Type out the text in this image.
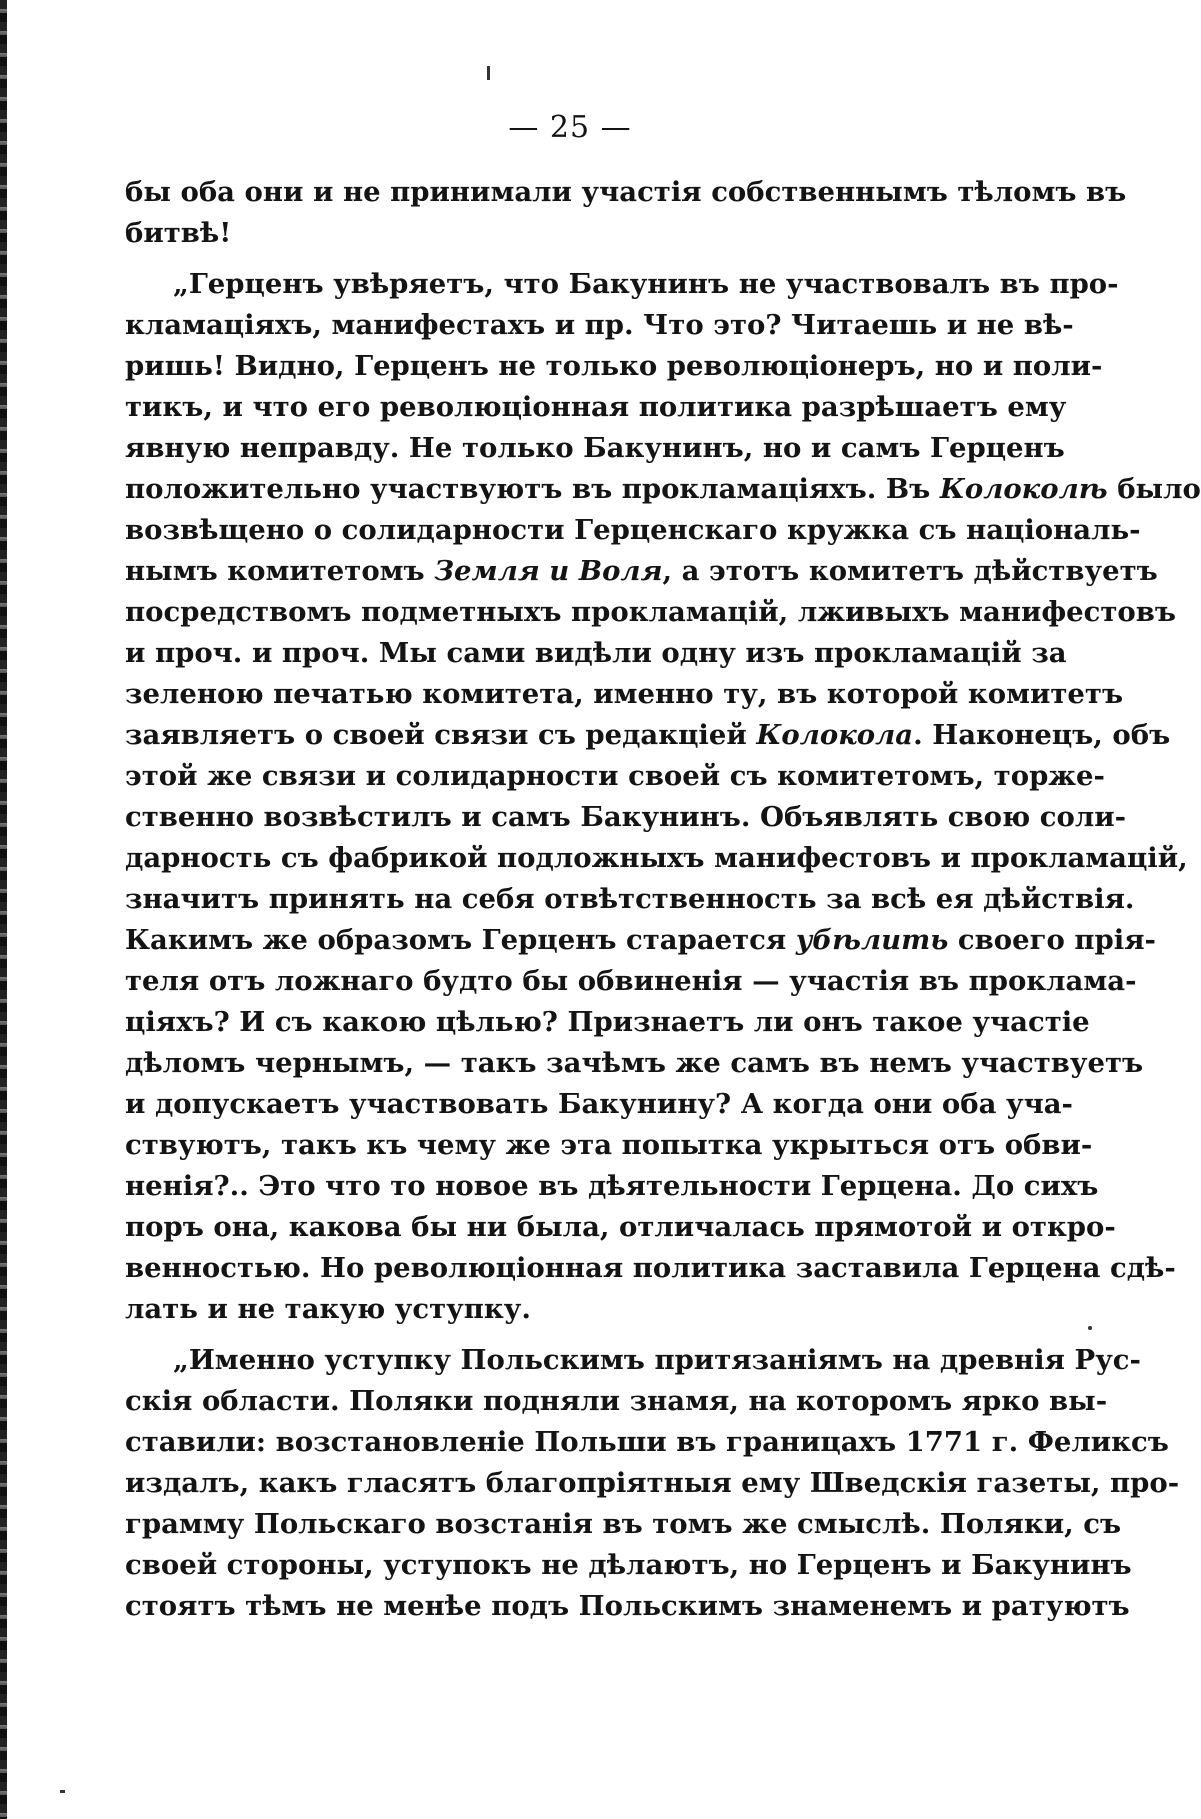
— 25 —
бы оба они и не принимали участія собственнымъ тѣломъ въ
битвѣ!
„Герценъ увѣряетъ, что Бакунинъ не участвовалъ въ про-
кламаціяхъ, манифестахъ и пр. Что это? Читаешь и не вѣ-
ришь! Видно, Герценъ не только революціонеръ, но и поли-
тикъ, и что его революціонная политика разрѣшаетъ ему
явную неправду. Не только Бакунинъ, но и самъ Герценъ
положительно участвуютъ въ прокламаціяхъ. Въ Колоколѣ было
возвѣщено о солидарности Герценскаго кружка съ національ-
нымъ комитетомъ Земля и Воля, а этотъ комитетъ дѣйствуетъ
посредствомъ подметныхъ прокламацій, лживыхъ манифестовъ
и проч. и проч. Мы сами видѣли одну изъ прокламацій за
зеленою печатью комитета, именно ту, въ которой комитетъ
заявляетъ о своей связи съ редакціей Колокола. Наконецъ, объ
этой же связи и солидарности своей съ комитетомъ, торже-
ственно возвѣстилъ и самъ Бакунинъ. Объявлять свою соли-
дарность съ фабрикой подложныхъ манифестовъ и прокламацій,
значитъ принять на себя отвѣтственность за всѣ ея дѣйствія.
Какимъ же образомъ Герценъ старается убѣлить своего прія-
теля отъ ложнаго будто бы обвиненія — участія въ проклама-
ціяхъ? И съ какою цѣлью? Признаетъ ли онъ такое участіе
дѣломъ чернымъ, — такъ зачѣмъ же самъ въ немъ участвуетъ
и допускаетъ участвовать Бакунину? А когда они оба уча-
ствуютъ, такъ къ чему же эта попытка укрыться отъ обви-
ненія?.. Это что то новое въ дѣятельности Герцена. До сихъ
поръ она, какова бы ни была, отличалась прямотой и откро-
венностью. Но революціонная политика заставила Герцена сдѣ-
лать и не такую уступку.
„Именно уступку Польскимъ притязаніямъ на древнія Рус-
скія области. Поляки подняли знамя, на которомъ ярко вы-
ставили: возстановленіе Польши въ границахъ 1771 г. Феликсъ
издалъ, какъ гласятъ благопріятныя ему Шведскія газеты, про-
грамму Польскаго возстанія въ томъ же смыслѣ. Поляки, съ
своей стороны, уступокъ не дѣлаютъ, но Герценъ и Бакунинъ
стоятъ тѣмъ не менѣе подъ Польскимъ знаменемъ и ратуютъ
